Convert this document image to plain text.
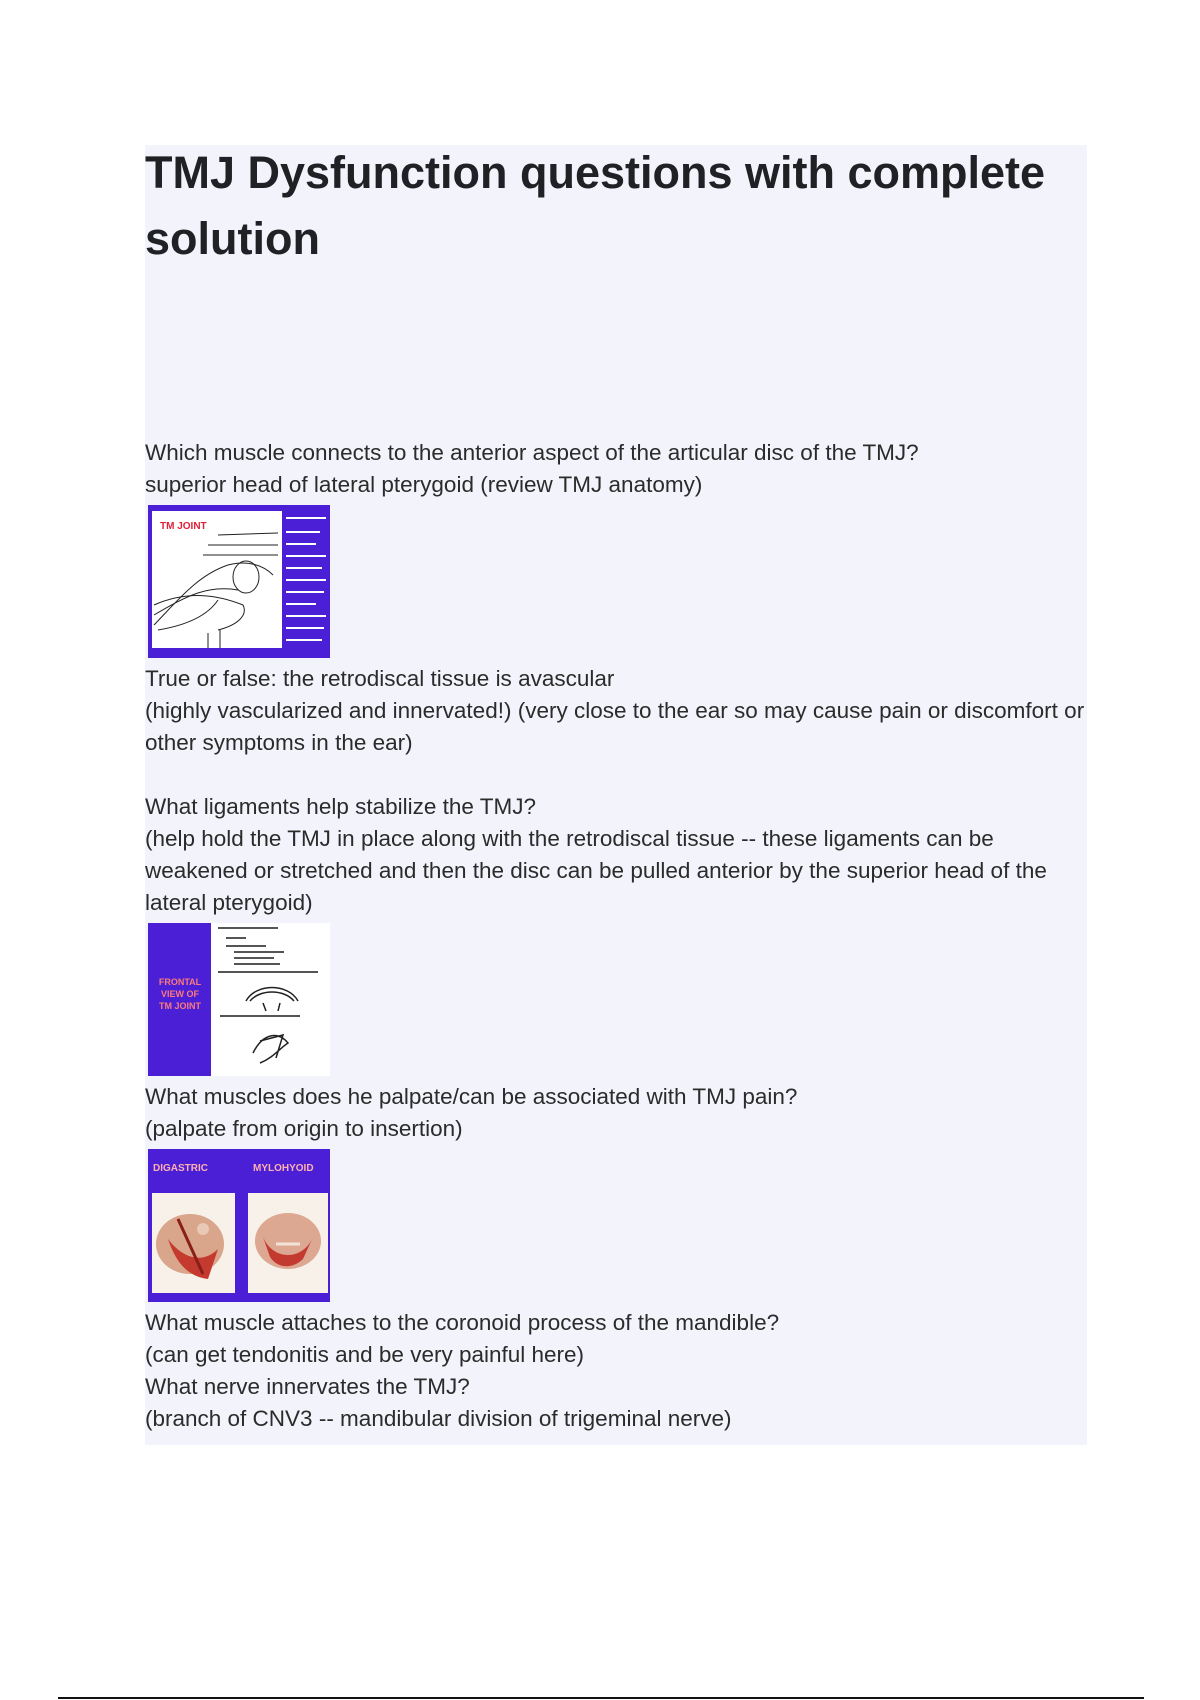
TMJ Dysfunction questions with complete solution

Which muscle connects to the anterior aspect of the articular disc of the TMJ?

superior head of lateral pterygoid (review TMJ anatomy)

TM JOINT

True or false: the retrodiscal tissue is avascular

(highly vascularized and innervated!) (very close to the ear so may cause pain or discomfort or other symptoms in the ear)

What ligaments help stabilize the TMJ?

(help hold the TMJ in place along with the retrodiscal tissue -- these ligaments can be weakened or stretched and then the disc can be pulled anterior by the superior head of the lateral pterygoid)

FRONTAL
VIEW OF
TM JOINT

What muscles does he palpate/can be associated with TMJ pain?

(palpate from origin to insertion)

DIGASTRIC	MYLOHYOID

What muscle attaches to the coronoid process of the mandible?

(can get tendonitis and be very painful here)

What nerve innervates the TMJ?

(branch of CNV3 -- mandibular division of trigeminal nerve)
